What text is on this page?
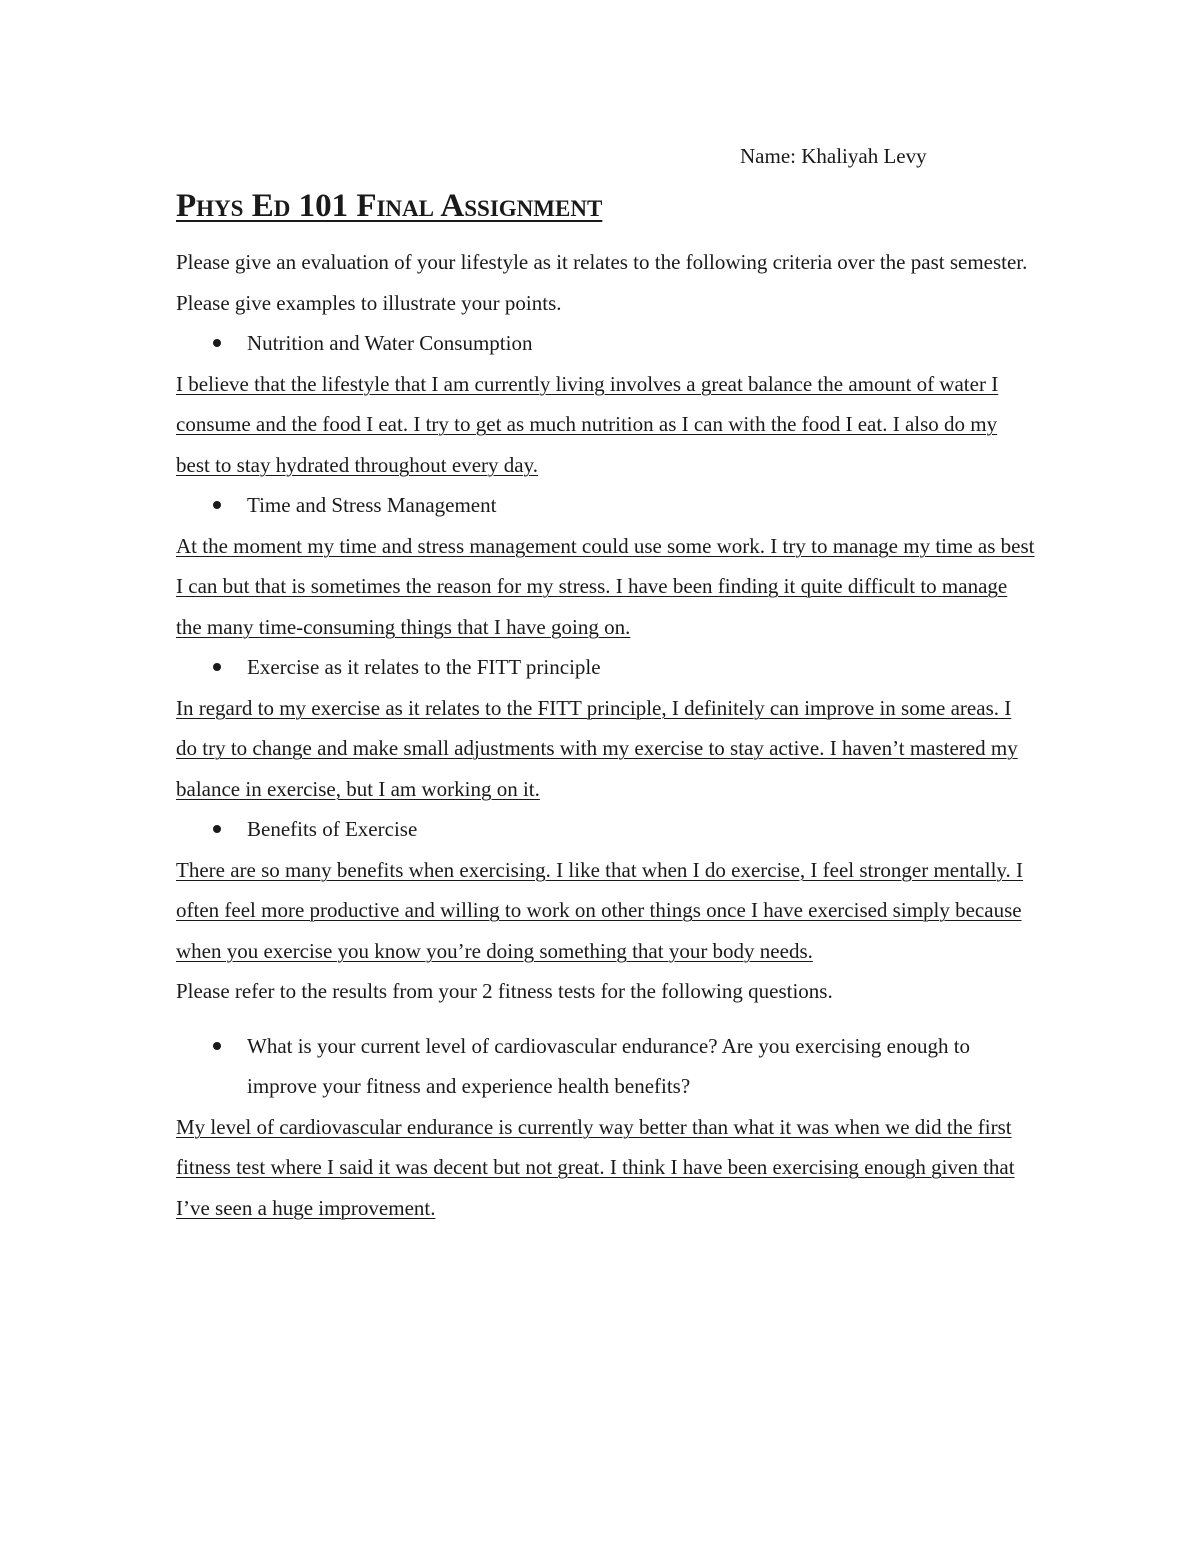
Name: Khaliyah Levy
Phys Ed 101 Final Assignment

Please give an evaluation of your lifestyle as it relates to the following criteria over the past semester. Please give examples to illustrate your points.

Nutrition and Water Consumption

I believe that the lifestyle that I am currently living involves a great balance the amount of water I consume and the food I eat. I try to get as much nutrition as I can with the food I eat. I also do my best to stay hydrated throughout every day.

Time and Stress Management

At the moment my time and stress management could use some work. I try to manage my time as best I can but that is sometimes the reason for my stress. I have been finding it quite difficult to manage the many time-consuming things that I have going on.

Exercise as it relates to the FITT principle

In regard to my exercise as it relates to the FITT principle, I definitely can improve in some areas. I do try to change and make small adjustments with my exercise to stay active. I haven’t mastered my balance in exercise, but I am working on it.

Benefits of Exercise

There are so many benefits when exercising. I like that when I do exercise, I feel stronger mentally. I often feel more productive and willing to work on other things once I have exercised simply because when you exercise you know you’re doing something that your body needs.

Please refer to the results from your 2 fitness tests for the following questions.

What is your current level of cardiovascular endurance? Are you exercising enough to improve your fitness and experience health benefits?

My level of cardiovascular endurance is currently way better than what it was when we did the first fitness test where I said it was decent but not great. I think I have been exercising enough given that I’ve seen a huge improvement.
